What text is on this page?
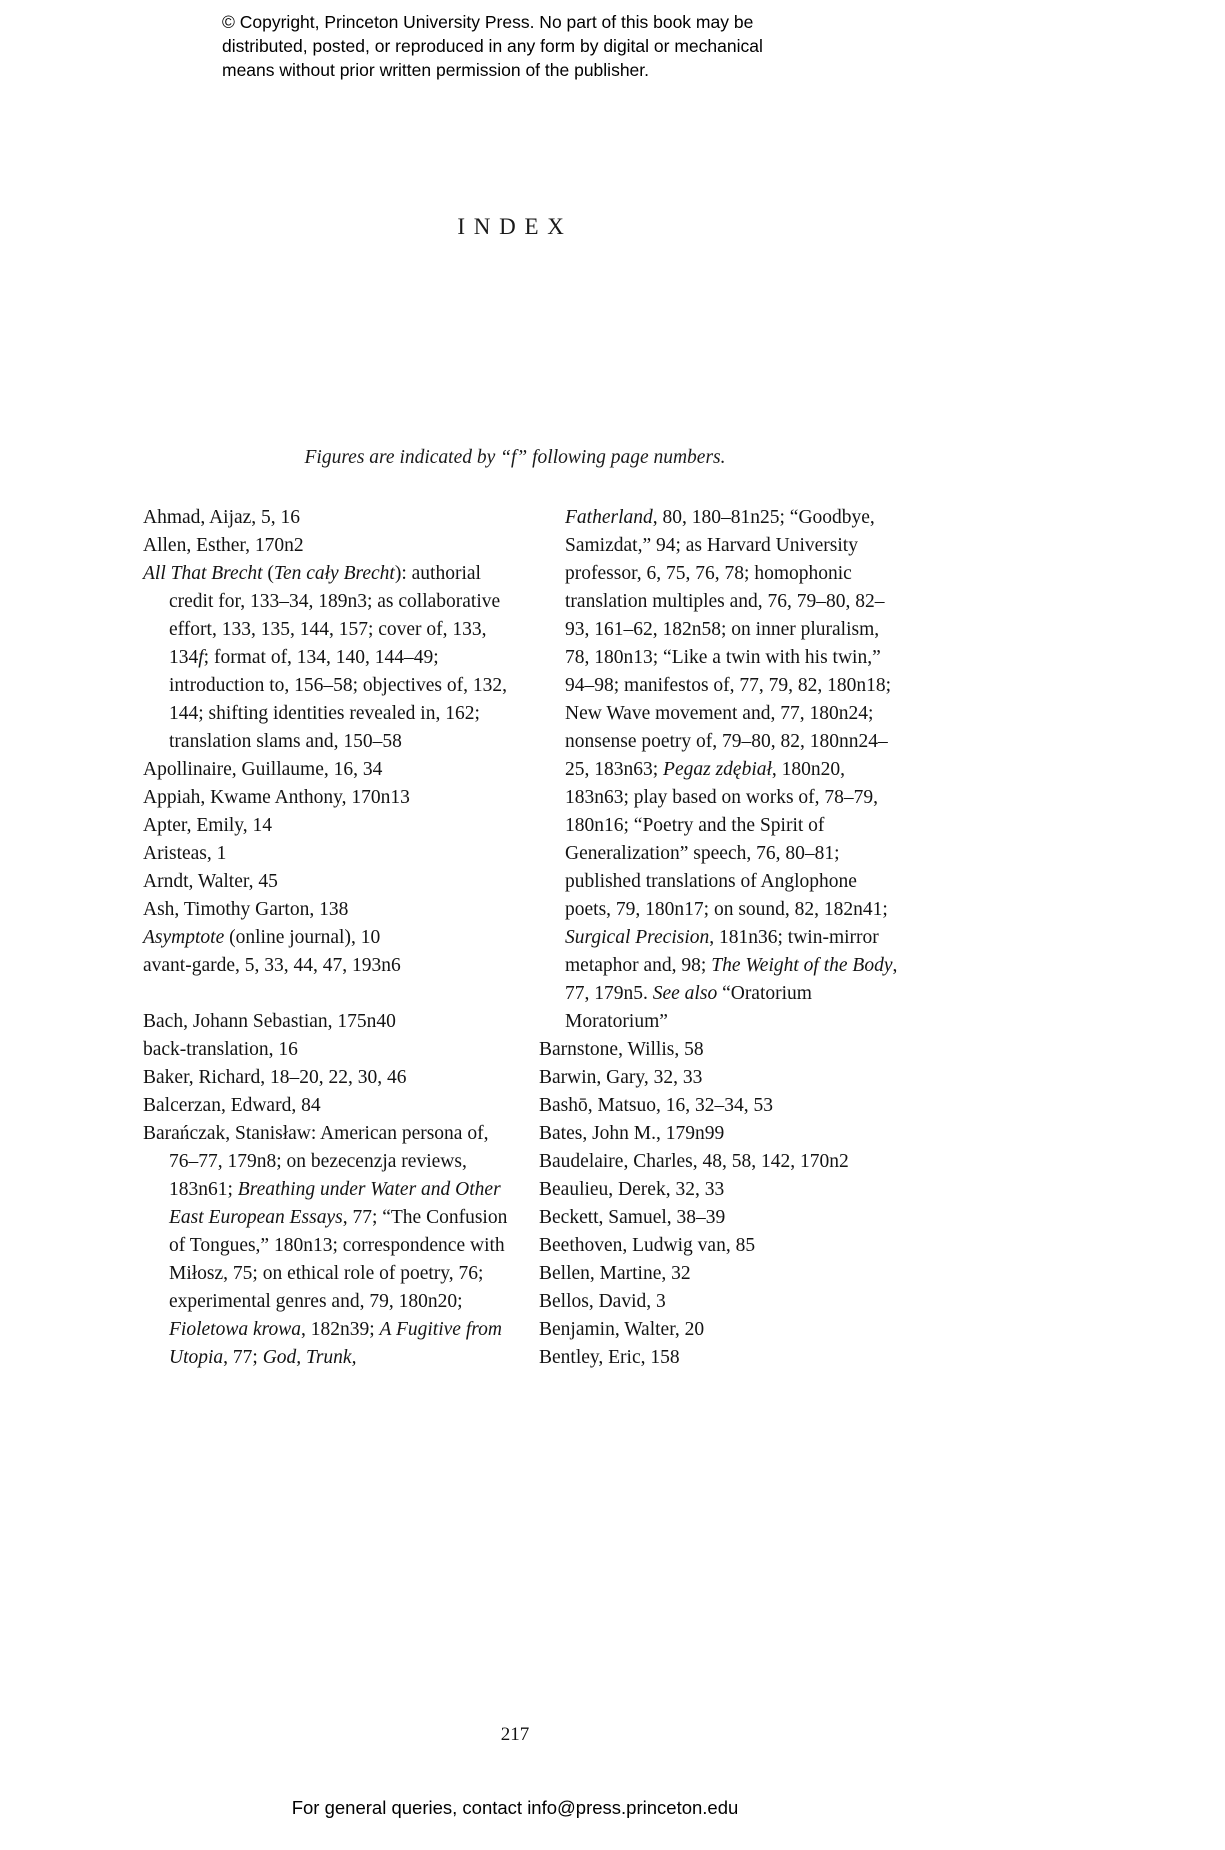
© Copyright, Princeton University Press. No part of this book may be
distributed, posted, or reproduced in any form by digital or mechanical
means without prior written permission of the publisher.
INDEX
Figures are indicated by “f” following page numbers.

Ahmad, Aijaz, 5, 16

Allen, Esther, 170n2

All That Brecht (Ten cały Brecht): authorial credit for, 133–34, 189n3; as collaborative effort, 133, 135, 144, 157; cover of, 133, 134f; format of, 134, 140, 144–49; introduction to, 156–58; objectives of, 132, 144; shifting identities revealed in, 162; translation slams and, 150–58

Apollinaire, Guillaume, 16, 34

Appiah, Kwame Anthony, 170n13

Apter, Emily, 14

Aristeas, 1

Arndt, Walter, 45

Ash, Timothy Garton, 138

Asymptote (online journal), 10

avant-garde, 5, 33, 44, 47, 193n6

Bach, Johann Sebastian, 175n40

back-translation, 16

Baker, Richard, 18–20, 22, 30, 46

Balcerzan, Edward, 84

Barańczak, Stanisław: American persona of, 76–77, 179n8; on bezecenzja reviews, 183n61; Breathing under Water and Other East European Essays, 77; “The Confusion of Tongues,” 180n13; correspondence with Miłosz, 75; on ethical role of poetry, 76; experimental genres and, 79, 180n20; Fioletowa krowa, 182n39; A Fugitive from Utopia, 77; God, Trunk,

Fatherland, 80, 180–81n25; “Goodbye, Samizdat,” 94; as Harvard University professor, 6, 75, 76, 78; homophonic translation multiples and, 76, 79–80, 82–93, 161–62, 182n58; on inner pluralism, 78, 180n13; “Like a twin with his twin,” 94–98; manifestos of, 77, 79, 82, 180n18; New Wave movement and, 77, 180n24; nonsense poetry of, 79–80, 82, 180nn24–25, 183n63; Pegaz zdębiał, 180n20, 183n63; play based on works of, 78–79, 180n16; “Poetry and the Spirit of Generalization” speech, 76, 80–81; published translations of Anglophone poets, 79, 180n17; on sound, 82, 182n41; Surgical Precision, 181n36; twin-mirror metaphor and, 98; The Weight of the Body, 77, 179n5. See also “Oratorium Moratorium”

Barnstone, Willis, 58

Barwin, Gary, 32, 33

Bashō, Matsuo, 16, 32–34, 53

Bates, John M., 179n99

Baudelaire, Charles, 48, 58, 142, 170n2

Beaulieu, Derek, 32, 33

Beckett, Samuel, 38–39

Beethoven, Ludwig van, 85

Bellen, Martine, 32

Bellos, David, 3

Benjamin, Walter, 20

Bentley, Eric, 158

217
For general queries, contact info@press.princeton.edu
